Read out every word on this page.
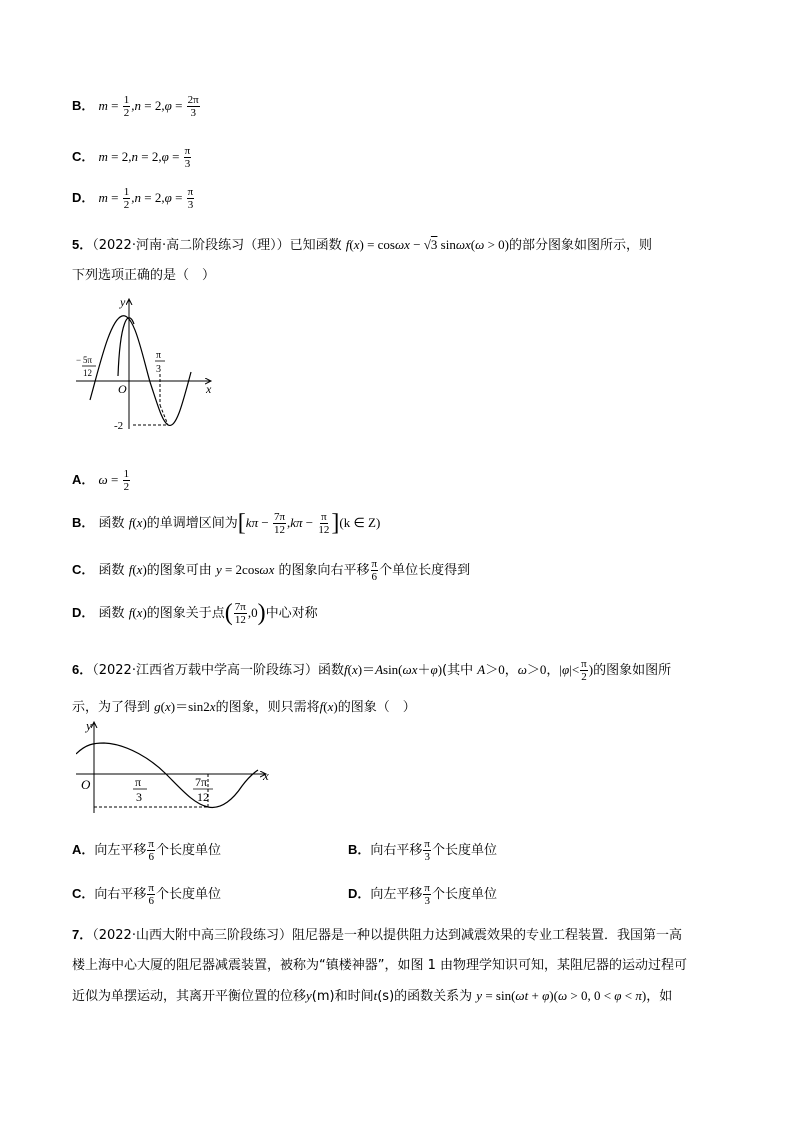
B． $m = \frac{1}{2} ,n = 2,\varphi = \frac{2\pi}{3}$
C． $m = 2,n = 2,\varphi = \frac{\pi}{3}$
D． $m = \frac{1}{2} ,n = 2,\varphi = \frac{\pi}{3}$
5．（2022·河南·高二阶段练习（理））已知函数 f(x) = cosωx − √3 sinωx(ω > 0)的部分图象如图所示，则
下列选项正确的是（　）
y
x
O
− 5π
12
π
3
-2
A． $\omega = \frac{1}{2}$
B． 函数 f(x)的单调增区间为$[k\pi - \frac{7\pi}{12} ,k\pi - \frac{\pi}{12} ](k$ ∈ Z)
C． 函数 f(x)的图象可由 y = 2cosωx 的图象向右平移 $\frac{\pi}{6}$ 个单位长度得到
D． 函数 f(x)的图象关于点( $\frac{7\pi}{12} ,0$)中心对称
6．（2022·江西省万载中学高一阶段练习）函数f(x)＝Asin(ωx＋φ)(其中 A＞0，ω＞0，$|\varphi|< \frac{\pi}{2}$ )的图象如图所
示，为了得到 g(x)＝sin2x的图象，则只需将f(x)的图象（　）
y
x
O	π
3
7π
12
A．向左平移 $\frac{\pi}{6}$ 个长度单位	B．向右平移 $\frac{\pi}{3}$ 个长度单位
C．向右平移 $\frac{\pi}{6}$ 个长度单位	D．向左平移 $\frac{\pi}{3}$ 个长度单位
7．（2022·山西大附中高三阶段练习）阻尼器是一种以提供阻力达到减震效果的专业工程装置．我国第一高
楼上海中心大厦的阻尼器减震装置，被称为“镇楼神器”，如图 1 由物理学知识可知，某阻尼器的运动过程可
近似为单摆运动，其离开平衡位置的位移y(m)和时间t(s)的函数关系为 y = sin(ωt + φ)(ω > 0, 0 < φ < π)，如
